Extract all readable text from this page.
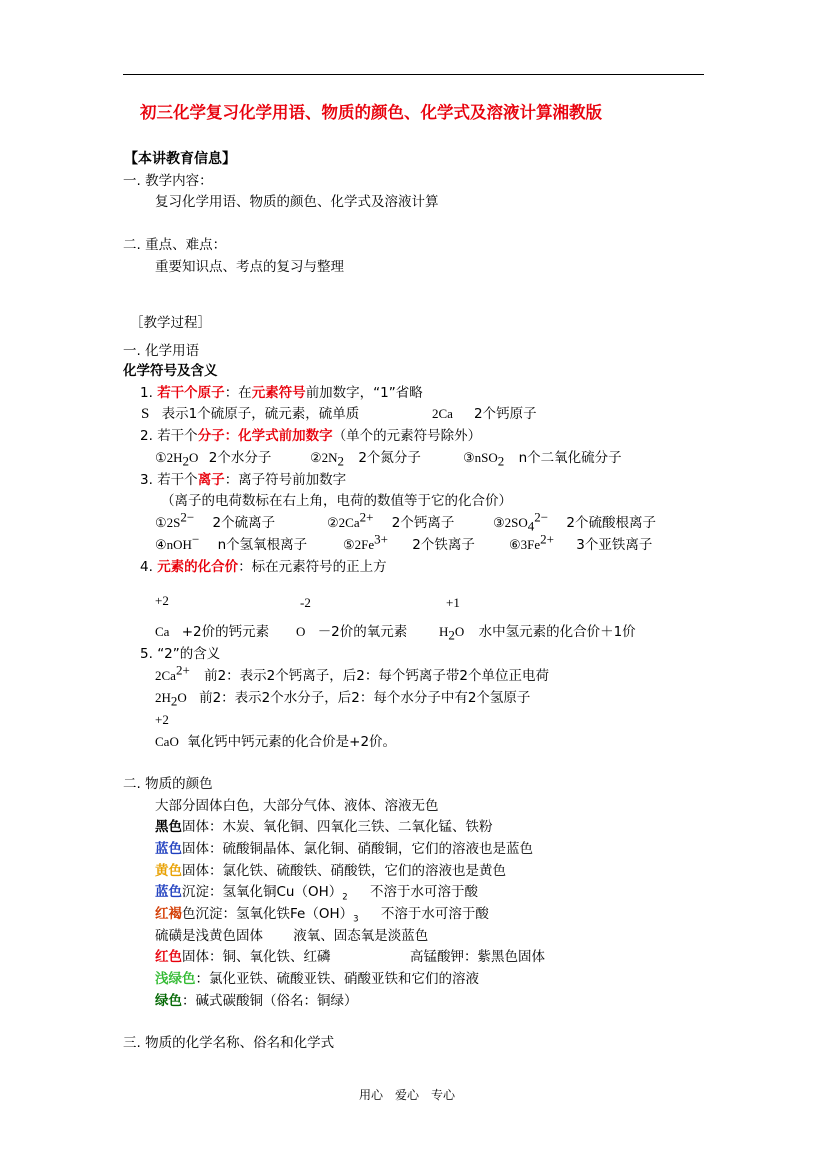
初三化学复习化学用语、物质的颜色、化学式及溶液计算湘教版
【本讲教育信息】
一. 教学内容：
复习化学用语、物质的颜色、化学式及溶液计算
二. 重点、难点：
重要知识点、考点的复习与整理
［教学过程］
一. 化学用语
化学符号及含义
1. 若干个原子：在元素符号前加数字，“1”省略
S 表示1个硫原子，硫元素，硫单质	2Ca 2个钙原子
2. 若干个分子：化学式前加数字（单个的元素符号除外）
$①2H_2O$ 2个水分子	$②2N_2$ 2个氮分子	③nSO$_2$ n个二氧化硫分子
3. 若干个离子：离子符号前加数字
（离子的电荷数标在右上角，电荷的数值等于它的化合价）
$①2S^{2-}$ 2个硫离子	$②2Ca^{2+}$ 2个钙离子	$③2SO_4^{2-}$ 2个硫酸根离子
④nOH− n个氢氧根离子	$⑤2Fe^{3+}$ 2个铁离子	$⑥3Fe^{2+}$ 3个亚铁离子
4. 元素的化合价：标在元素符号的正上方
+2	-2	+1
Ca +2价的钙元素 O －2价的氧元素 $H_2O$ 水中氢元素的化合价＋1价
5. “2”的含义
$2Ca^{2+}$ 前2：表示2个钙离子，后2：每个钙离子带2个单位正电荷
$2H_2O$ 前2：表示2个水分子，后2：每个水分子中有2个氢原子
+2
CaO 氧化钙中钙元素的化合价是+2价。
二. 物质的颜色
大部分固体白色，大部分气体、液体、溶液无色
黑色固体：木炭、氧化铜、四氧化三铁、二氧化锰、铁粉
蓝色固体：硫酸铜晶体、氯化铜、硝酸铜，它们的溶液也是蓝色
黄色固体：氯化铁、硫酸铁、硝酸铁，它们的溶液也是黄色
蓝色沉淀：氢氧化铜$Cu(OH)_2$ 不溶于水可溶于酸
红褐色沉淀：氢氧化铁$Fe(OH)_3$ 不溶于水可溶于酸
硫磺是浅黄色固体 液氧、固态氧是淡蓝色
红色固体：铜、氧化铁、红磷	高锰酸钾：紫黑色固体
浅绿色：氯化亚铁、硫酸亚铁、硝酸亚铁和它们的溶液
绿色：碱式碳酸铜（俗名：铜绿）
三. 物质的化学名称、俗名和化学式
用心　爱心　专心
